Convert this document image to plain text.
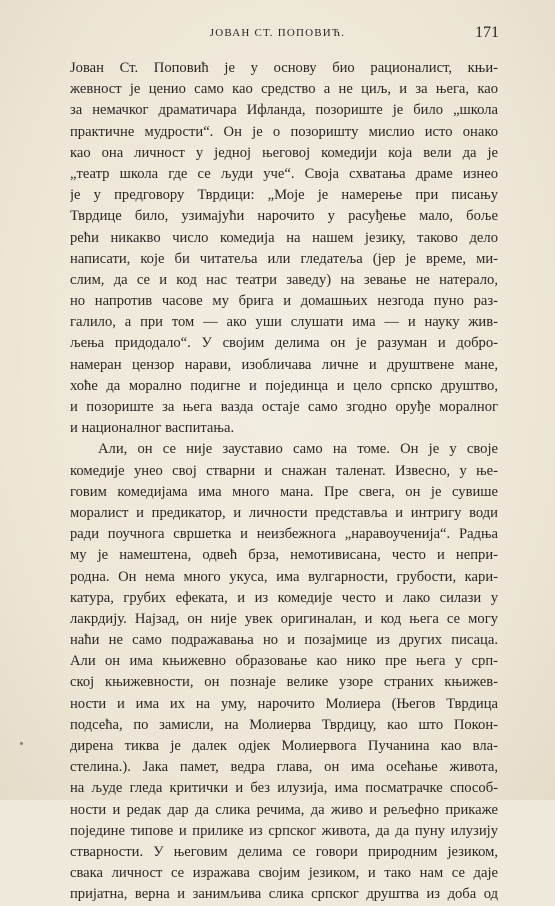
ЈОВАН СТ. ПОПОВИЋ.	171
Јован Ст. Поповић је у основу био рационалист, књи-
жевност је ценио само као средство а не циљ, и за њега, као
за немачког драматичара Ифланда, позориште је било „школа
практичне мудрости“. Он је о позоришту мислио исто онако
као она личност у једној његовој комедији која вели да је
„театр школа где се људи уче“. Своја схватања драме изнео
је у предговору Тврдици: „Моје је намерење при писању
Тврдице било, узимајући нарочито у расуђење мало, боље
рећи никакво число комедија на нашем језику, таково дело
написати, које би читатеља или гледатеља (јер је време, ми-
слим, да се и код нас театри заведу) на зевање не натерало,
но напротив часове му брига и домашњих незгода пуно раз-
галило, а при том — ако уши слушати има — и науку жив-
љења придодало“. У својим делима он је разуман и добро-
намеран цензор нарави, изобличава личне и друштвене мане,
хоће да морално подигне и појединца и цело српско друштво,
и позориште за њега вазда остаје само згодно оруђе моралног
и националног васпитања.
Али, он се није зауставио само на томе. Он је у своје
комедије унео свој стварни и снажан таленат. Извесно, у ње-
говим комедијама има много мана. Пре свега, он је сувише
моралист и предикатор, и личности представља и интригу води
ради поучнога свршетка и неизбежнога „наравоученија“. Радња
му је намештена, одвећ брза, немотивисана, често и непри-
родна. Он нема много укуса, има вулгарности, грубости, кари-
катура, грубих ефеката, и из комедије често и лако силази у
лакрдију. Најзад, он није увек оригиналан, и код њега се могу
наћи не само подражавања но и позајмице из других писаца.
Али он има књижевно образовање као нико пре њега у срп-
ској књижевности, он познаје велике узоре страних књижев-
ности и има их на уму, нарочито Молиера (Његов Тврдица
подсећа, по замисли, на Молиерва Тврдицу, као што Покон-
дирена тиква је далек одјек Молиервога Пучанина као вла-
стелина.). Јака памет, ведра глава, он има осећање живота,
на људе гледа критички и без илузија, има посматрачке способ-
ности и редак дар да слика речима, да живо и рељефно прикаже
поједине типове и прилике из српског живота, да да пуну илузију
стварности. У његовим делима се говори природним језиком,
свака личност се изражава својим језиком, и тако нам се даје
пријатна, верна и занимљива слика српског друштва из доба од
